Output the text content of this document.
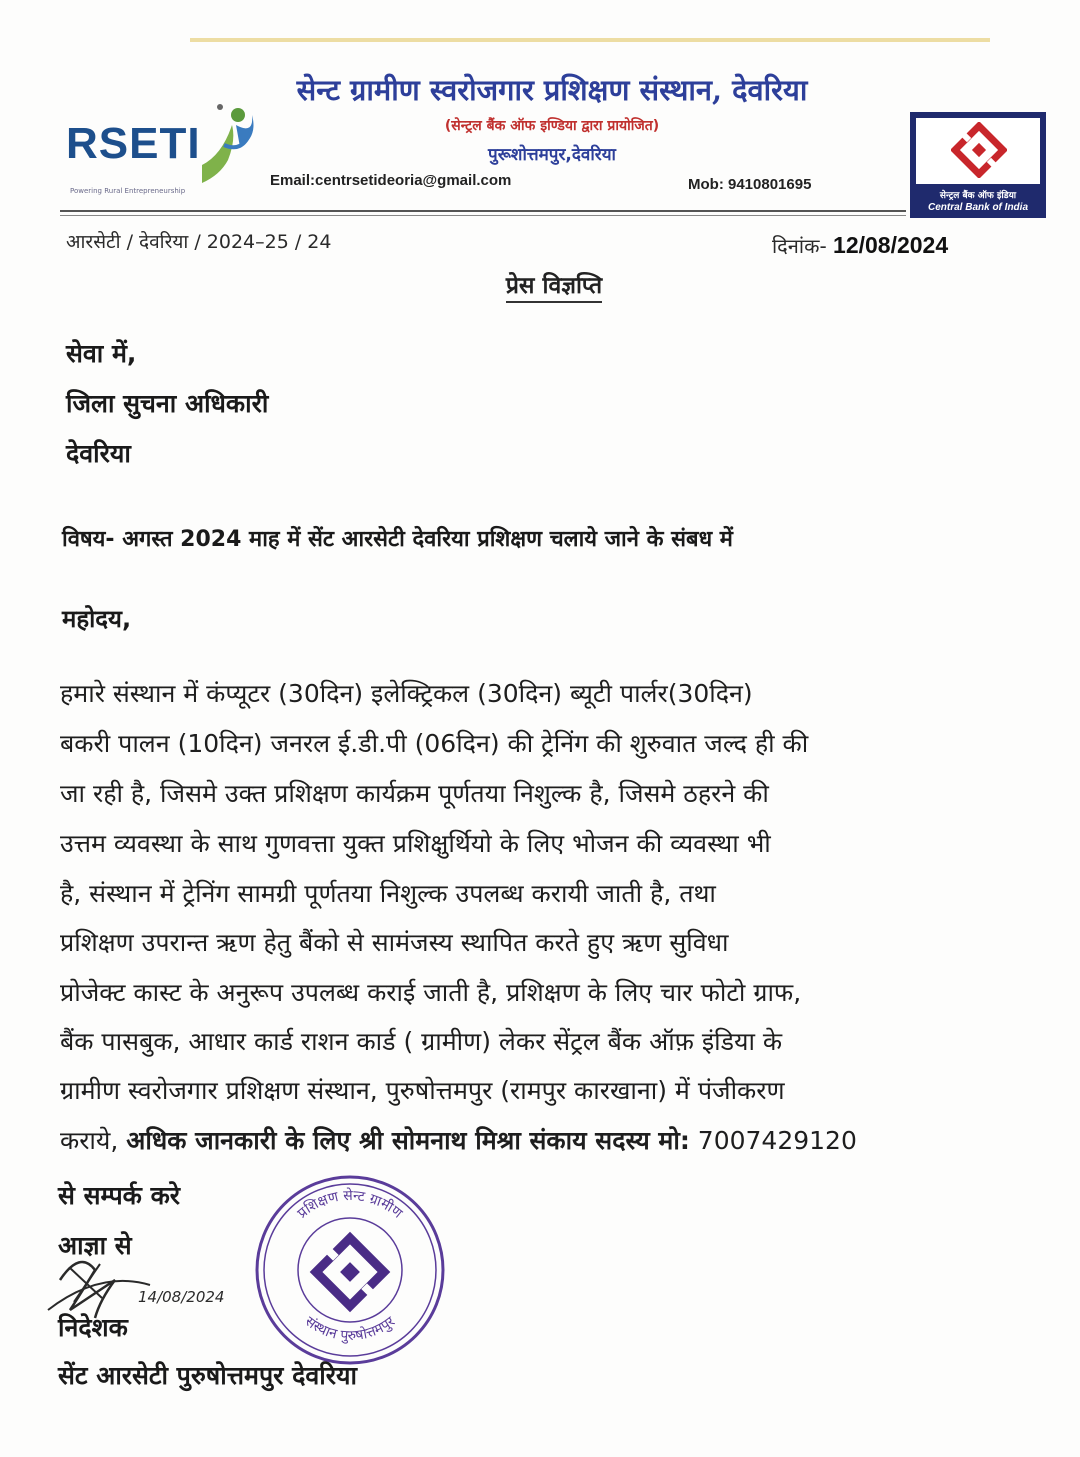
RSETI
Powering Rural Entrepreneurship
सेन्ट ग्रामीण स्वरोजगार प्रशिक्षण संस्थान, देवरिया
(सेन्ट्रल बैंक ऑफ इण्डिया द्वारा प्रायोजित)
पुरूशोत्तमपुर,देवरिया
Email:centrsetideoria@gmail.com	Mob: 9410801695
सेन्ट्रल बैंक ऑफ इंडिया
Central Bank of India
आरसेटी / देवरिया / 2024–25 / 24	दिनांक- 12/08/2024
प्रेस विज्ञप्ति
सेवा में,
जिला सुचना अधिकारी
देवरिया
विषय- अगस्त 2024 माह में सेंट आरसेटी देवरिया प्रशिक्षण चलाये जाने के संबध में
महोदय,
हमारे संस्थान में कंप्यूटर (30दिन) इलेक्ट्रिकल (30दिन) ब्यूटी पार्लर(30दिन)
बकरी पालन (10दिन) जनरल ई.डी.पी (06दिन) की ट्रेनिंग की शुरुवात जल्द ही की
जा रही है, जिसमे उक्त प्रशिक्षण कार्यक्रम पूर्णतया निशुल्क है, जिसमे ठहरने की
उत्तम व्यवस्था के साथ गुणवत्ता युक्त प्रशिक्षुर्थियो के लिए भोजन की व्यवस्था भी
है, संस्थान में ट्रेनिंग सामग्री पूर्णतया निशुल्क उपलब्ध करायी जाती है, तथा
प्रशिक्षण उपरान्त ऋण हेतु बैंको से सामंजस्य स्थापित करते हुए ऋण सुविधा
प्रोजेक्ट कास्ट के अनुरूप उपलब्ध कराई जाती है, प्रशिक्षण के लिए चार फोटो ग्राफ,
बैंक पासबुक, आधार कार्ड राशन कार्ड ( ग्रामीण) लेकर सेंट्रल बैंक ऑफ़ इंडिया के
ग्रामीण स्वरोजगार प्रशिक्षण संस्थान, पुरुषोत्तमपुर (रामपुर कारखाना) में पंजीकरण
कराये, अधिक जानकारी के लिए श्री सोमनाथ मिश्रा संकाय सदस्य मो: 7007429120
से सम्पर्क करे
आज्ञा से
निदेशक
सेंट आरसेटी पुरुषोत्तमपुर देवरिया
14/08/2024
प्रशिक्षण सेन्ट ग्रामीण
संस्थान पुरुषोत्तमपुर
